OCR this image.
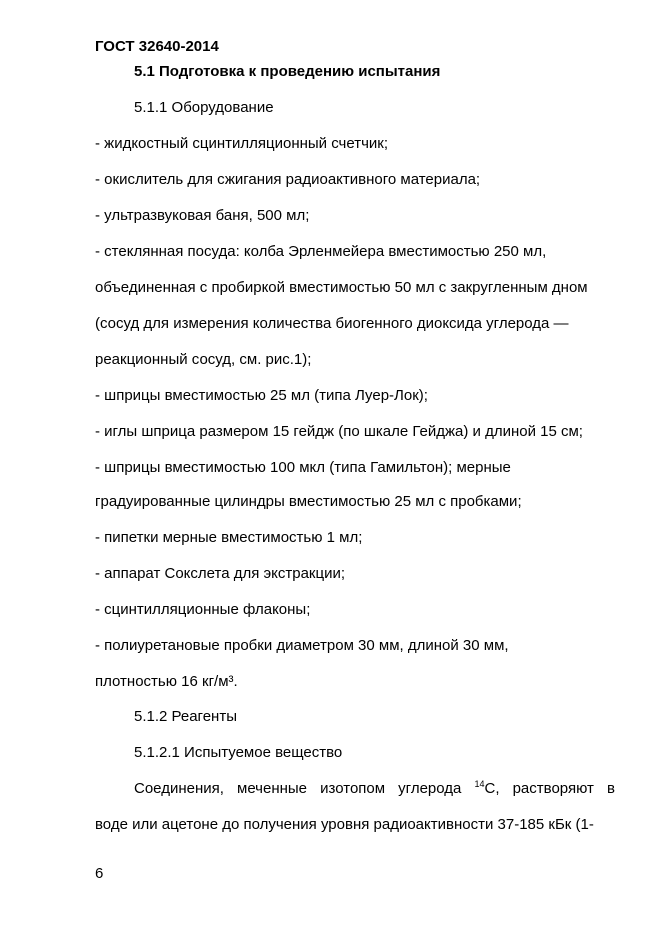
ГОСТ 32640-2014
5.1 Подготовка к проведению испытания
5.1.1 Оборудование
- жидкостный сцинтилляционный счетчик;
- окислитель для сжигания радиоактивного материала;
- ультразвуковая баня, 500 мл;
- стеклянная посуда: колба Эрленмейера вместимостью 250 мл,
объединенная с пробиркой вместимостью 50 мл с закругленным дном
(сосуд для измерения количества биогенного диоксида углерода —
реакционный сосуд, см. рис.1);
- шприцы вместимостью 25 мл (типа Луер-Лок);
- иглы шприца размером 15 гейдж (по шкале Гейджа) и длиной 15 см;
- шприцы вместимостью 100 мкл (типа Гамильтон); мерные
градуированные цилиндры вместимостью 25 мл с пробками;
- пипетки мерные вместимостью 1 мл;
- аппарат Сокслета для экстракции;
- сцинтилляционные флаконы;
- полиуретановые пробки диаметром 30 мм, длиной 30 мм,
плотностью 16 кг/м³.
5.1.2 Реагенты
5.1.2.1 Испытуемое вещество
Соединения, меченные изотопом углерода $^{14}$C, растворяют в
воде или ацетоне до получения уровня радиоактивности 37-185 кБк (1-
6
